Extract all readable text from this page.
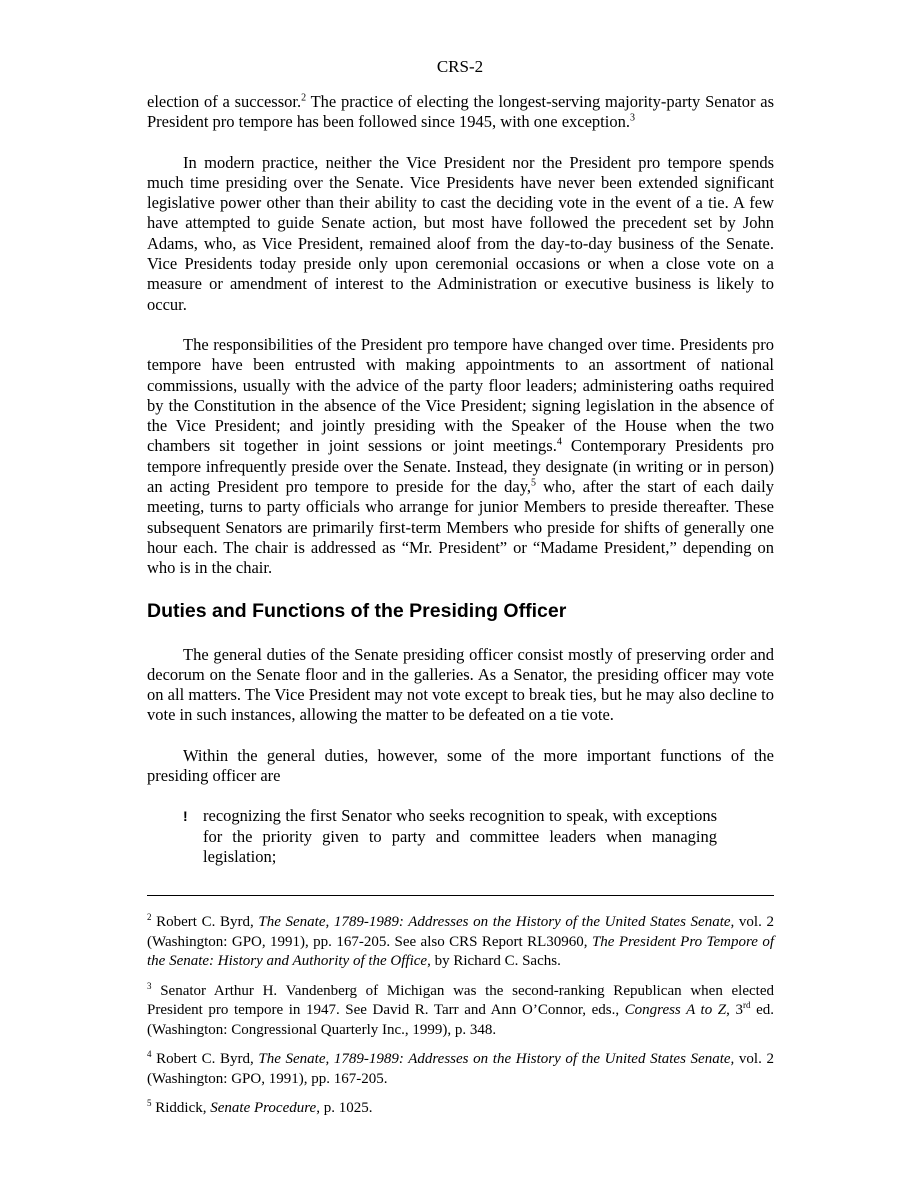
CRS-2

election of a successor.$^2$ The practice of electing the longest-serving majority-party Senator as President pro tempore has been followed since 1945, with one exception.$^3$

In modern practice, neither the Vice President nor the President pro tempore spends much time presiding over the Senate. Vice Presidents have never been extended significant legislative power other than their ability to cast the deciding vote in the event of a tie. A few have attempted to guide Senate action, but most have followed the precedent set by John Adams, who, as Vice President, remained aloof from the day-to-day business of the Senate. Vice Presidents today preside only upon ceremonial occasions or when a close vote on a measure or amendment of interest to the Administration or executive business is likely to occur.

The responsibilities of the President pro tempore have changed over time. Presidents pro tempore have been entrusted with making appointments to an assortment of national commissions, usually with the advice of the party floor leaders; administering oaths required by the Constitution in the absence of the Vice President; signing legislation in the absence of the Vice President; and jointly presiding with the Speaker of the House when the two chambers sit together in joint sessions or joint meetings.$^4$ Contemporary Presidents pro tempore infrequently preside over the Senate. Instead, they designate (in writing or in person) an acting President pro tempore to preside for the day,$^5$ who, after the start of each daily meeting, turns to party officials who arrange for junior Members to preside thereafter. These subsequent Senators are primarily first-term Members who preside for shifts of generally one hour each. The chair is addressed as “Mr. President” or “Madame President,” depending on who is in the chair.

Duties and Functions of the Presiding Officer

The general duties of the Senate presiding officer consist mostly of preserving order and decorum on the Senate floor and in the galleries. As a Senator, the presiding officer may vote on all matters. The Vice President may not vote except to break ties, but he may also decline to vote in such instances, allowing the matter to be defeated on a tie vote.

Within the general duties, however, some of the more important functions of the presiding officer are

! recognizing the first Senator who seeks recognition to speak, with exceptions for the priority given to party and committee leaders when managing legislation;

$^2$ Robert C. Byrd, The Senate, 1789-1989: Addresses on the History of the United States Senate, vol. 2 (Washington: GPO, 1991), pp. 167-205. See also CRS Report RL30960, The President Pro Tempore of the Senate: History and Authority of the Office, by Richard C. Sachs.

$^3$ Senator Arthur H. Vandenberg of Michigan was the second-ranking Republican when elected President pro tempore in 1947. See David R. Tarr and Ann O’Connor, eds., Congress A to Z, 3rd ed. (Washington: Congressional Quarterly Inc., 1999), p. 348.

$^4$ Robert C. Byrd, The Senate, 1789-1989: Addresses on the History of the United States Senate, vol. 2 (Washington: GPO, 1991), pp. 167-205.

$^5$ Riddick, Senate Procedure, p. 1025.
